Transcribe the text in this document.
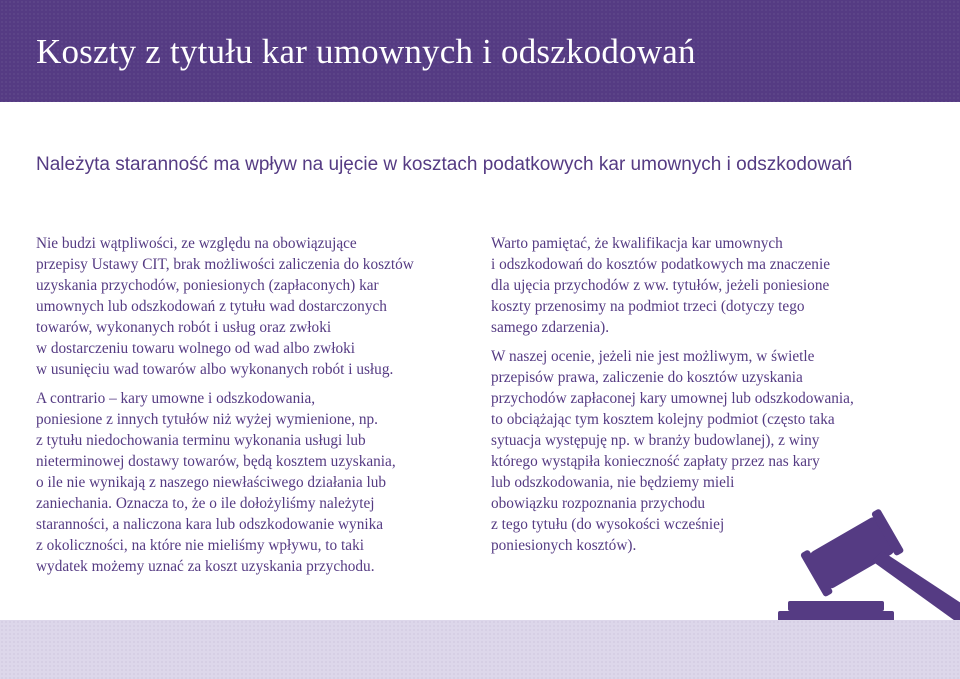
Koszty z tytułu kar umownych i odszkodowań
Należyta staranność ma wpływ na ujęcie w kosztach podatkowych kar umownych i odszkodowań

Nie budzi wątpliwości, ze względu na obowiązujące
przepisy Ustawy CIT, brak możliwości zaliczenia do kosztów
uzyskania przychodów, poniesionych (zapłaconych) kar
umownych lub odszkodowań z tytułu wad dostarczonych
towarów, wykonanych robót i usług oraz zwłoki
w dostarczeniu towaru wolnego od wad albo zwłoki
w usunięciu wad towarów albo wykonanych robót i usług.

A contrario – kary umowne i odszkodowania,
poniesione z innych tytułów niż wyżej wymienione, np.
z tytułu niedochowania terminu wykonania usługi lub
nieterminowej dostawy towarów, będą kosztem uzyskania,
o ile nie wynikają z naszego niewłaściwego działania lub
zaniechania. Oznacza to, że o ile dołożyliśmy należytej
staranności, a naliczona kara lub odszkodowanie wynika
z okoliczności, na które nie mieliśmy wpływu, to taki
wydatek możemy uznać za koszt uzyskania przychodu.

Warto pamiętać, że kwalifikacja kar umownych
i odszkodowań do kosztów podatkowych ma znaczenie
dla ujęcia przychodów z ww. tytułów, jeżeli poniesione
koszty przenosimy na podmiot trzeci (dotyczy tego
samego zdarzenia).

W naszej ocenie, jeżeli nie jest możliwym, w świetle
przepisów prawa, zaliczenie do kosztów uzyskania
przychodów zapłaconej kary umownej lub odszkodowania,
to obciążając tym kosztem kolejny podmiot (często taka
sytuacja występuję np. w branży budowlanej), z winy
którego wystąpiła konieczność zapłaty przez nas kary
lub odszkodowania, nie będziemy mieli
obowiązku rozpoznania przychodu
z tego tytułu (do wysokości wcześniej
poniesionych kosztów).
